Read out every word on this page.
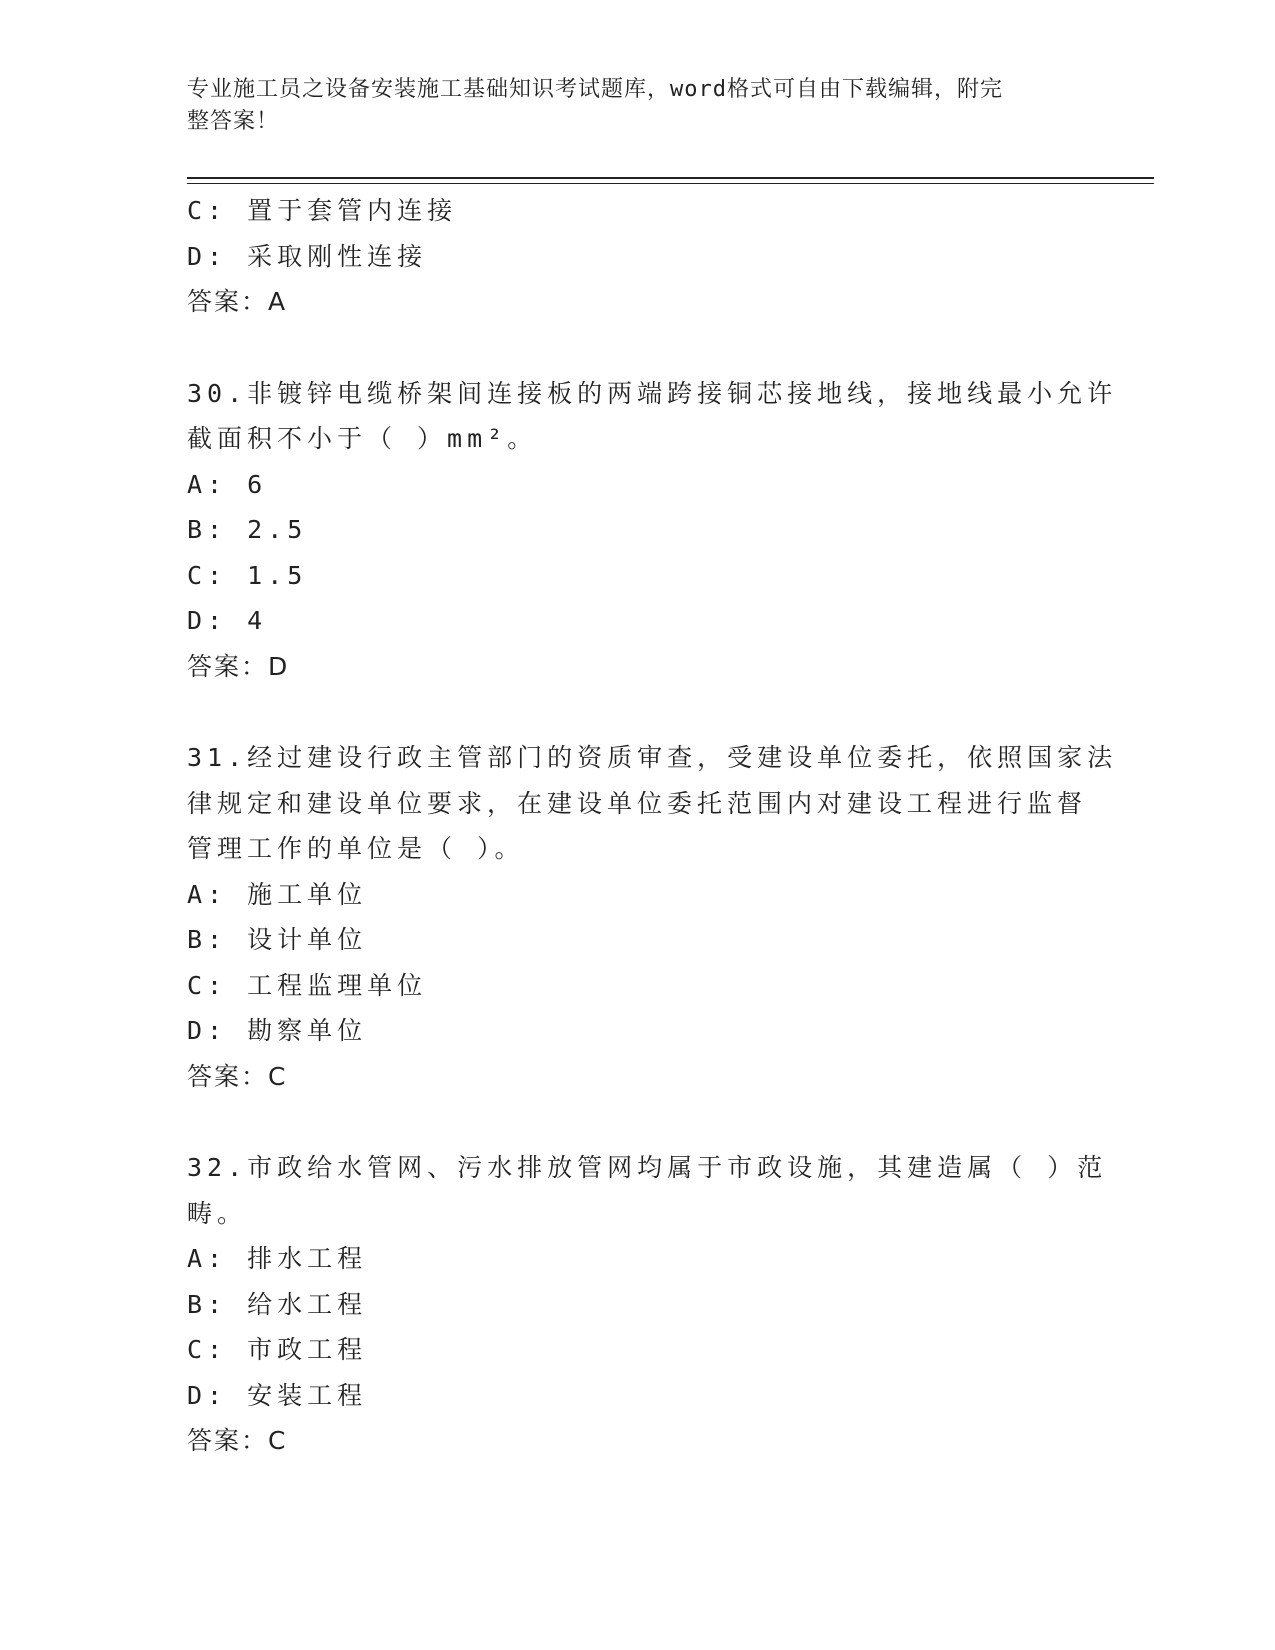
专业施工员之设备安装施工基础知识考试题库，word格式可自由下载编辑，附完
整答案！
C: 置于套管内连接
D: 采取刚性连接
答案：A
30.非镀锌电缆桥架间连接板的两端跨接铜芯接地线，接地线最小允许
截面积不小于（ ）mm²。
A: 6
B: 2.5
C: 1.5
D: 4
答案：D
31.经过建设行政主管部门的资质审查，受建设单位委托，依照国家法
律规定和建设单位要求，在建设单位委托范围内对建设工程进行监督
管理工作的单位是（ ）。
A: 施工单位
B: 设计单位
C: 工程监理单位
D: 勘察单位
答案：C
32.市政给水管网、污水排放管网均属于市政设施，其建造属（ ）范
畴。
A: 排水工程
B: 给水工程
C: 市政工程
D: 安装工程
答案：C
